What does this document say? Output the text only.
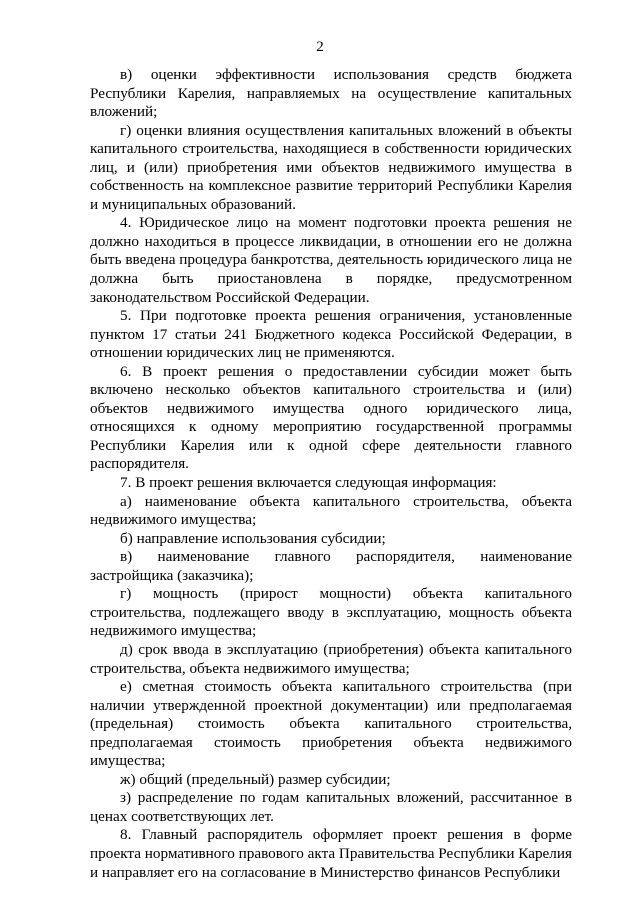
2

в) оценки эффективности использования средств бюджета Республики Карелия, направляемых на осуществление капитальных вложений;

г) оценки влияния осуществления капитальных вложений в объекты капитального строительства, находящиеся в собственности юридических лиц, и (или) приобретения ими объектов недвижимого имущества в собственность на комплексное развитие территорий Республики Карелия и муниципальных образований.

4. Юридическое лицо на момент подготовки проекта решения не должно находиться в процессе ликвидации, в отношении его не должна быть введена процедура банкротства, деятельность юридического лица не должна быть приостановлена в порядке, предусмотренном законодательством Российской Федерации.

5. При подготовке проекта решения ограничения, установленные пунктом 17 статьи 241 Бюджетного кодекса Российской Федерации, в отношении юридических лиц не применяются.

6. В проект решения о предоставлении субсидии может быть включено несколько объектов капитального строительства и (или) объектов недвижимого имущества одного юридического лица, относящихся к одному мероприятию государственной программы Республики Карелия или к одной сфере деятельности главного распорядителя.

7. В проект решения включается следующая информация:

а) наименование объекта капитального строительства, объекта недвижимого имущества;

б) направление использования субсидии;

в) наименование главного распорядителя, наименование застройщика (заказчика);

г) мощность (прирост мощности) объекта капитального строительства, подлежащего вводу в эксплуатацию, мощность объекта недвижимого имущества;

д) срок ввода в эксплуатацию (приобретения) объекта капитального строительства, объекта недвижимого имущества;

е) сметная стоимость объекта капитального строительства (при наличии утвержденной проектной документации) или предполагаемая (предельная) стоимость объекта капитального строительства, предполагаемая стоимость приобретения объекта недвижимого имущества;

ж) общий (предельный) размер субсидии;

з) распределение по годам капитальных вложений, рассчитанное в ценах соответствующих лет.

8. Главный распорядитель оформляет проект решения в форме проекта нормативного правового акта Правительства Республики Карелия и направляет его на согласование в Министерство финансов Республики
